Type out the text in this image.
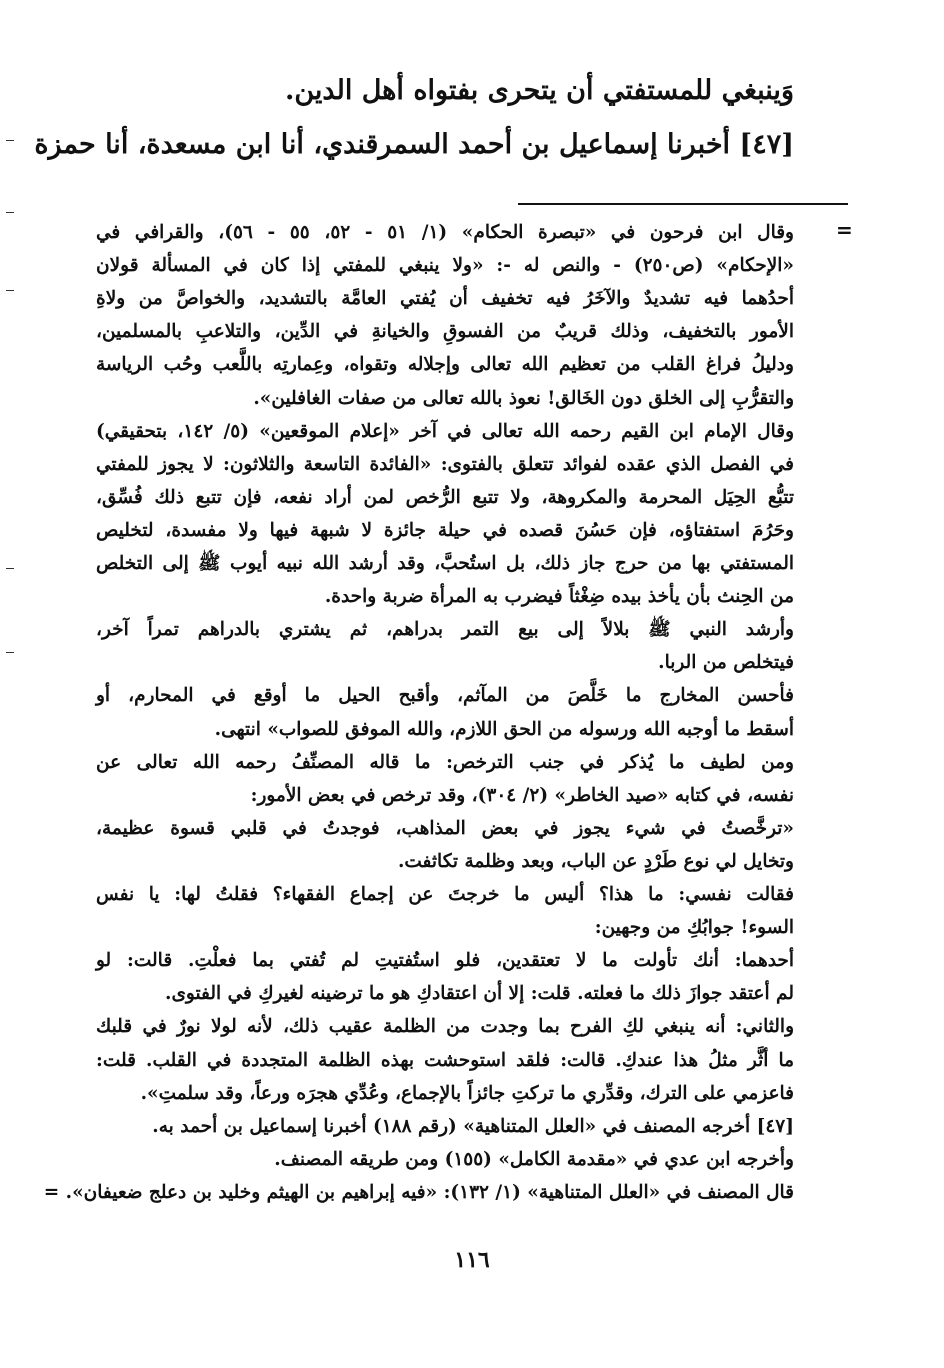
وَينبغي للمستفتي أن يتحرى بفتواه أهل الدين.
[٤٧] أخبرنا إسماعيل بن أحمد السمرقندي، أنا ابن مسعدة، أنا حمزة
=
وقال ابن فرحون في «تبصرة الحكام» (١/ ٥١ - ٥٢، ٥٥ - ٥٦)، والقرافي في
«الإحكام» (ص٢٥٠) - والنص له -: «ولا ينبغي للمفتي إذا كان في المسألة قولان
أحدُهما فيه تشديدٌ والآخَرُ فيه تخفيف أن يُفتي العامَّة بالتشديد، والخواصَّ من ولاةِ
الأمور بالتخفيف، وذلك قريبٌ من الفسوقِ والخيانةِ في الدِّين، والتلاعبِ بالمسلمين،
ودليلُ فراغ القلب من تعظيم الله تعالى وإجلاله وتقواه، وعِمارتِه باللَّعب وحُب الرياسة
والتقرُّبِ إلى الخلق دون الخَالق! نعوذ بالله تعالى من صفات الغافلين».
وقال الإمام ابن القيم رحمه الله تعالى في آخر «إعلام الموقعين» (٥/ ١٤٢، بتحقيقي)
في الفصل الذي عقده لفوائد تتعلق بالفتوى: «الفائدة التاسعة والثلاثون: لا يجوز للمفتي
تتبُّع الحِيَل المحرمة والمكروهة، ولا تتبع الرُّخص لمن أراد نفعه، فإن تتبع ذلك فُسِّق،
وحَرُمَ استفتاؤه، فإن حَسُنَ قصده في حيلة جائزة لا شبهة فيها ولا مفسدة، لتخليص
المستفتي بها من حرج جاز ذلك، بل استُحبَّ، وقد أرشد الله نبيه أيوب ﷺ إلى التخلص
من الحِنث بأن يأخذ بيده ضِغْثاً فيضرب به المرأة ضربة واحدة.
وأرشد النبي ﷺ بلالاً إلى بيع التمر بدراهم، ثم يشتري بالدراهم تمراً آخر،
فيتخلص من الربا.
فأحسن المخارج ما خَلَّصَ من المآثم، وأقبح الحيل ما أوقع في المحارم، أو
أسقط ما أوجبه الله ورسوله من الحق اللازم، والله الموفق للصواب» انتهى.
ومن لطيف ما يُذكر في جنب الترخص: ما قاله المصنِّفُ رحمه الله تعالى عن
نفسه، في كتابه «صيد الخاطر» (٢/ ٣٠٤)، وقد ترخص في بعض الأمور:
«ترخَّصتُ في شيء يجوز في بعض المذاهب، فوجدتُ في قلبي قسوة عظيمة،
وتخايل لي نوع طَرْدٍ عن الباب، وبعد وظلمة تكاثفت.
فقالت نفسي: ما هذا؟ أليس ما خرجتَ عن إجماع الفقهاء؟ فقلتُ لها: يا نفس
السوء! جوابُكِ من وجهين:
أحدهما: أنك تأولت ما لا تعتقدين، فلو استُفتيتِ لم تُفتي بما فعلْتِ. قالت: لو
لم أعتقد جوازَ ذلك ما فعلته. قلت: إلا أن اعتقادكِ هو ما ترضينه لغيركِ في الفتوى.
والثاني: أنه ينبغي لكِ الفرح بما وجدت من الظلمة عقيب ذلك، لأنه لولا نورٌ في قلبك
ما أثَّر مثلُ هذا عندكِ. قالت: فلقد استوحشت بهذه الظلمة المتجددة في القلب. قلت:
فاعزمي على الترك، وقدِّري ما تركتِ جائزاً بالإجماع، وعُدِّي هجرَه ورعاً، وقد سلمتِ».
[٤٧] أخرجه المصنف في «العلل المتناهية» (رقم ١٨٨) أخبرنا إسماعيل بن أحمد به.
وأخرجه ابن عدي في «مقدمة الكامل» (١٥٥) ومن طريقه المصنف.
قال المصنف في «العلل المتناهية» (١/ ١٣٢): «فيه إبراهيم بن الهيثم وخليد بن دعلج ضعيفان». =
١١٦
